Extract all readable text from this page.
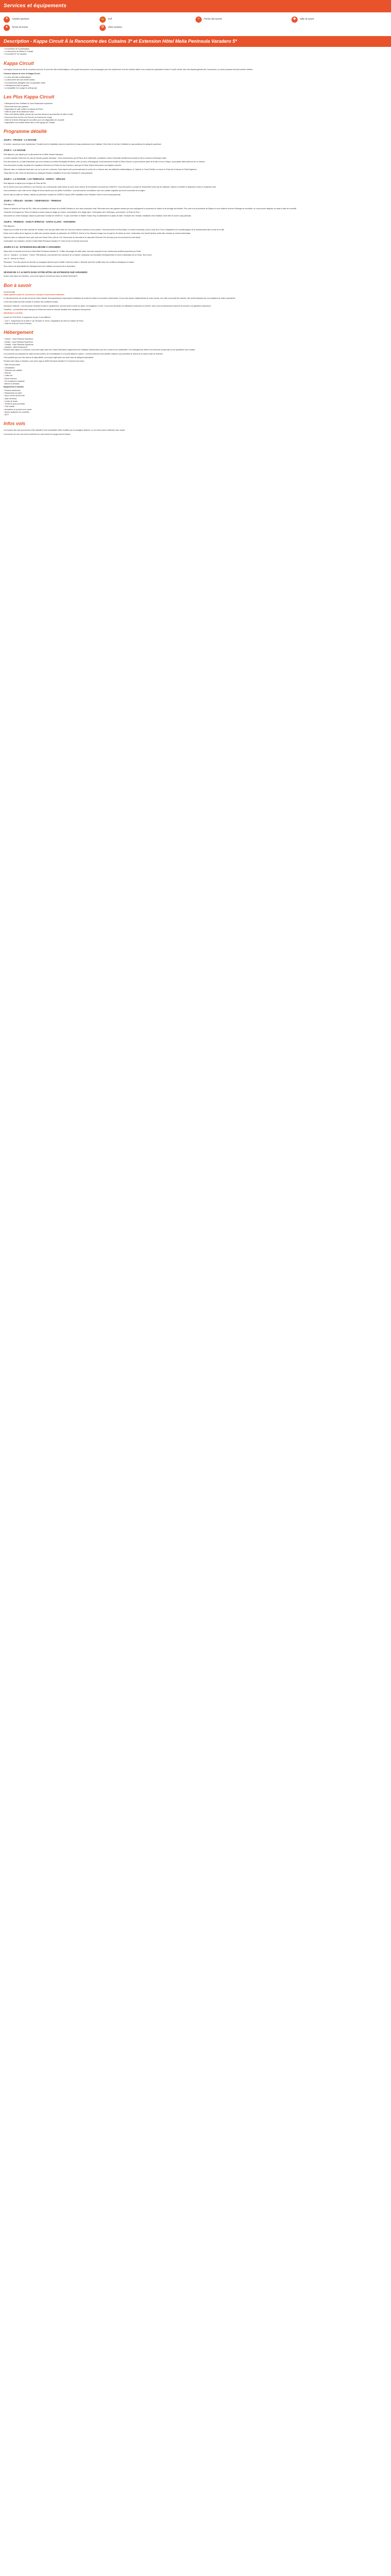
Services et équipements
✦	Activités sportives	⛳	Golf	≈	Piscine découverte	◆	Salle de sports
●	Tennis de terrain	⚙	Vélos inclusive
Description - Kappa Circuit À la Rencontre des Cubains 3* et Extension Hôtel Melia Peninsula Varadero 5*
• Un maximum de 10 participants
• La découverte de Viñales et Trinidad
• Un excellent 5* sur Varadero
Kappa Circuit

Les Kappa Circuits sont nés de nouveaux horizons. En plus des sites emblématiques, votre guide francophone vous accompagne pour des expériences hors des sentiers battus et au contact des populations locales. En petit comité, avec des départs garantis dès 2 personnes, un circuit proposant des découvertes inédites.

5 bonnes raisons de vivre un Kappa Circuit :

• Le cœur des sites emblématiques
• La découverte hors des sentiers battus
• Les expériences partagées avec la population locale
• L'hébergement haut de gamme
• La tranquillité d'un voyage en petit groupe
Les Plus Kappa Circuit
• Hébergement chez l'habitant en Casa Particulares expérience.
• Rencontres avec des paysans
• Dégustation de café cubain à la maison de Pedro.
• Visite du lycée de la habana de Varau
• Dîner chez Alfredo Martin, peintre qui vous fera découvrir sa production de toiles et café...
• Découvrez Pinar del Rio à la Finca de la Provincia de Granja
• Visite de la ferme d'élevage de crocodiles, pour une dégustation de crocodile
• Dégustation d'un cocktail cubain dans un bar typique de Trinidad
Programme détaillé
JOUR 1 : FRANCE - LA HAVANE

À l'arrivée, accueil par notre représentant. Transfert privé et installation dans les chambres de casas particulares chez l'habitant. Dîner libre et nuit chez l'habitant en casa particular de catégorie supérieure.

JOUR 2 : LA HAVANE

Petit déjeuner, puis départ pour la découverte de la Vieille Havane historique.

La visite culturelle s'étend sur les rues de l'ancien quartier historique : Vous commencerez par la Place de la Cathédrale, considérée comme l'ensemble architectural colonial le mieux conservé d'Amérique Latine.

Puis découverte de La Calle Empedrado qui vous conduira à la célèbre Bodeguita del Medio, cibre au coeur d'Hemingway. Vous traverserez ensuite la Place d'Armes, la plus ancienne place de la ville et la rue Obispo, la principale artère piétonne de La Havane.

Vous découvrirez le patio du palais des Capitaines Généraux et la Place de San Francisco, ainsi que la Place Vieja et découvrirez ses façades colorées.

Déjeuner dans un restaurant local avec vue sur le port de La Havane. Dans l'après-midi, promenade dans le centre de La Havane avec ses bâtiments emblématiques, le Capitole, le Grand Théâtre ou encore le Prado de la Havane et l'Hôtel Inglaterra.

Temps libre en ville. Dîner de bienvenue au restaurant Paladar. Installation et nuit chez l'habitant en casa particular.

JOUR 3 : LA HAVANE - LAS TERRAZAS - SOROA - VIÑALES

Petit déjeuner et départ pour la région de Pinar del Rio.

Sur le chemin vous vous arrêterez à Las Terrazas, une communauté rurale nichée au cœur d'une réserve de la biosphère reconnue par l'UNESCO. Vous découvrirez un projet de reboisement mené par les habitants, visiterez la caféière et déjeunerez dans un restaurant local.

Vous continuerez votre route vers le village de Soroa réputé pour son jardin d'orchidées : vous découvrirez l'orchidarium avec ses variétés originales qui font la renommée de la région.

Arrivée dans la vallée de Viñales, classée au patrimoine mondial de l'UNESCO depuis 1999. Installation chez l'habitant. Dîner et nuit en casa particular.

JOUR 4 : VIÑALES - GUAMA - CIENFUEGOS - TRINIDAD

Petit déjeuner.

Départ en direction de Pinar del Rio. Visite de la plantation de tabac de la famille Robaina ou d'un autre producteur local. Rencontre avec des paysans cubains qui vous expliqueront le processus de culture et de séchage des feuilles. Puis route vers la péninsule de Zapata où vous visiterez la ferme d'élevage de crocodiles, où vous pourrez déguster un repas à base de crocodile.

Traversée de la lagune du Trésor en bateau à moteur jusqu'au village de Guama, reconstitution d'un village taino. Continuation vers Cienfuegos, surnommée « la Perle du Sud ».

Découverte du centre historique classé au patrimoine mondial de l'UNESCO : le parc José Martí, le théâtre Tomas Terry, la cathédrale et le palais de Valle. Poursuite vers Trinidad. Installation chez l'habitant. Dîner libre et nuit en casa particular.

JOUR 5 : TRINIDAD - SANCTI SPIRITUS - SANTA CLARA - VARADERO

Petit déjeuner.

Départ pour la visite de la ville coloniale de Trinidad, l'une des plus belles villes de Cuba aux maisons colorées et rues pavées. Vous découvrirez la Plaza Mayor, le musée romantique, puis la Casa de la Trova. Dégustation d'un cocktail typique de la canchánchara dans un bar de la ville.

Route vers la vallée de los Ingenios, la vallée des sucreries classée au patrimoine de l'UNESCO. Arrêt à la Tour Manaca Iznaga, tour de guet de 45 mètres de haut. Continuation vers Sancti Spiritus, petite ville coloniale au charme authentique.

Déjeuner dans un restaurant local, puis route vers Santa Clara, ville du Che. Découverte du mémorial et du mausolée d'Ernesto Che Guevara, puis du monument du train blindé.

Continuation vers Varadero. Arrivée à l'hôtel Melia Peninsula Varadero 5*. Dîner et nuit en formule tout inclus.

JOURS 6 À 10 : EXTENSION BALNÉAIRE À VARADERO

Séjour libre en formule tout inclus à l'hôtel Melia Peninsula Varadero 5*. Profitez des plages de sable blanc, des eaux turquoise et des nombreuses activités proposées par l'hôtel.

Jour 11 : Varadero - La Havane - France. Petit déjeuner, puis transfert vers l'aéroport de La Havane. Assistance aux formalités d'enregistrement et envol à destination de la France. Nuit à bord.

Jour 12 : Arrivée en France.

Remarque : Pour des raisons de sécurité, la compagnie aérienne peut modifier l'ordre des visites. L'itinéraire peut être modifié selon les conditions climatiques et locales.

Sous réserve de disponibilité des hébergements chez l'habitant au moment de la réservation.

SÉJOUR DE 3 À 14 NUITS DANS VOTRE HÔTEL EN EXTENSION SUR VARADERO

Durant votre séjour sur Varadero, vous serez logés en formule tout inclus au Melia Peninsula 5*.

Bon à savoir

Circuit exclusif

Départ garanti à partir de 2 personnes et jusqu'à 10 personnes maximum.

Le déroulement de ces circuits est donné à titre indicatif. Nous garantissons cependant la réalisation de toutes les visites et excursions mentionnées. Si pour des raisons indépendantes de notre volonté, une visite ne pouvait être assurée, elle serait remplacée par une prestation de valeur équivalente.

L'ordre des visites peut être modifié en fonction des conditions locales.

Assurance médicale : Une assurance médicale incluant le rapatriement, couvrant toute la durée du séjour, est obligatoire à Cuba. Il vous sera demandé une attestation d'assurance à l'arrivée. Nous vous recommandons vivement de souscrire nos garanties d'assurance.

Transferts : Les transferts entre l'aéroport et l'hôtel sont inclus en autocar climatisé avec assistance francophone.

IMPORTANT À NOTER :

À partir du 01/11/2024, le programme de jour 3 sera différent.

• Jour 3 : Suppression de la visite à 'Las Terrazas' et 'Soroa'. Dégustation de café à la maison de Pedro.
• Visite de la ferme Finca El Paraiso.
Hébergement
• Havane : Casa Particular Supérieure
• Viñales : Casa Particular Supérieure
• Trinidad : Casa Particular Supérieure
• Varadero : Melia Peninsula 5*

Pendant votre séjour à La Havane, vous serez logés dans des Casas Particulares (logements chez l'habitant) sélectionnées pour leur confort et leur authenticité. Ces hébergements offrent une immersion unique dans la vie quotidienne des Cubains.

Les chambres sont équipées de salles de bain privées, de la climatisation et d'un petit-déjeuner copieux. L'accueil chaleureux des familles cubaines vous permettra de découvrir la culture locale de l'intérieur.

Il est possible que pour des raisons de disponibilité, vous soyez logés dans une autre casa de catégorie équivalente.

Pendant votre séjour à Varadero, vous serez logé au Melia Peninsula Varadero 5* en formule tout inclus.

• Salle de bain privée
• Climatisation
• Télévision par satellite
• Mini-bar
• Coffre-fort
• Sèche-cheveux
• Fer et planche à repasser
• Balcon ou terrasse

Équipements & activités

• Piscines extérieures
• Restaurants à la carte
• Spa & centre de bien-être
• Salle de fitness
• Courts de tennis
• Terrain de golf à proximité
• Club enfants
• Animations en journée et en soirée
• Sports nautiques non motorisés
• Wi-Fi
Infos vols

Les horaires des vols sont donnés à titre indicatif et sont susceptibles d'être modifiés par la compagnie aérienne. Le vol retour pourra s'effectuer avec escale.

Les horaires de vols vous seront confirmés sur votre carnet de voyage avant le départ.
